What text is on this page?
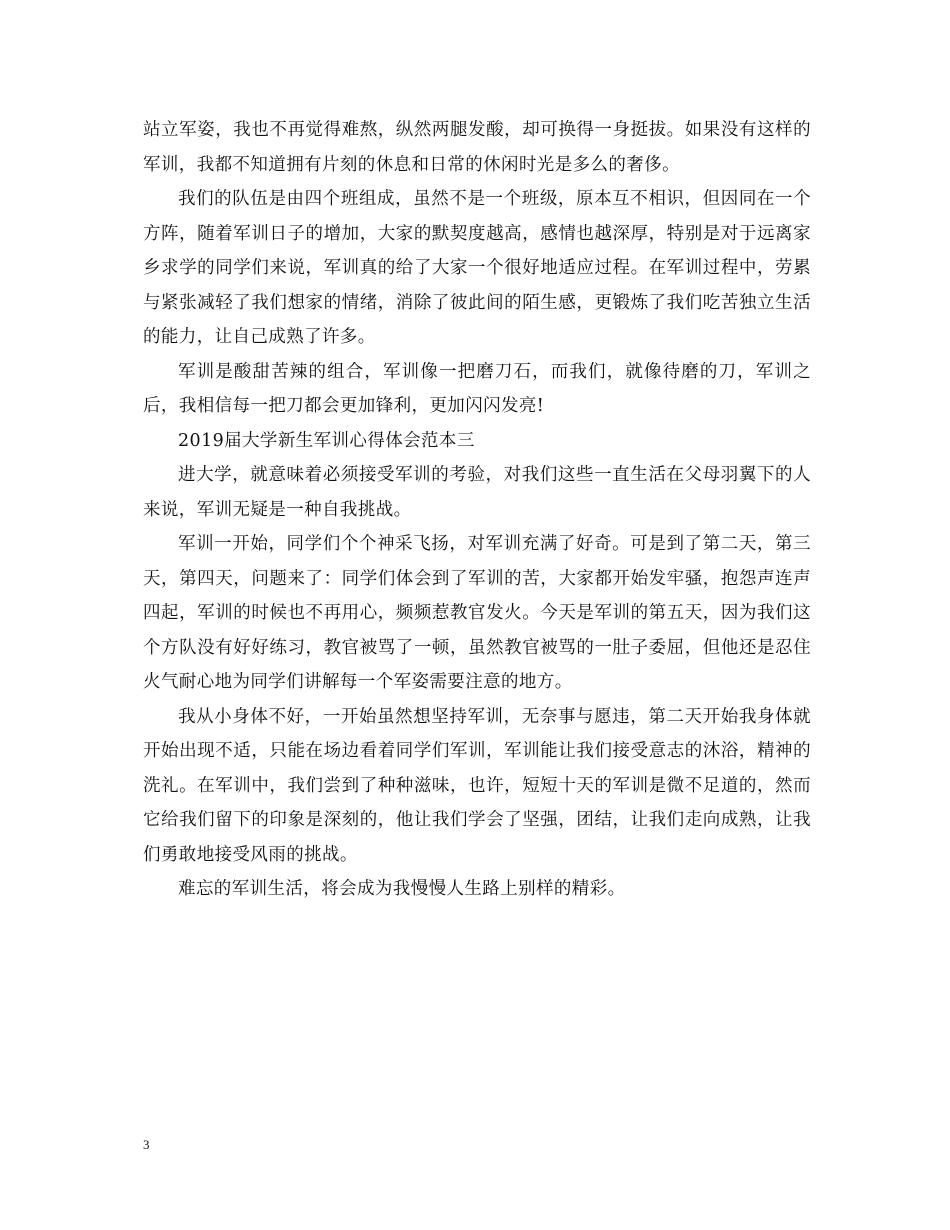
站立军姿，我也不再觉得难熬，纵然两腿发酸，却可换得一身挺拔。如果没有这样的军训，我都不知道拥有片刻的休息和日常的休闲时光是多么的奢侈。

我们的队伍是由四个班组成，虽然不是一个班级，原本互不相识，但因同在一个方阵，随着军训日子的增加，大家的默契度越高，感情也越深厚，特别是对于远离家乡求学的同学们来说，军训真的给了大家一个很好地适应过程。在军训过程中，劳累与紧张减轻了我们想家的情绪，消除了彼此间的陌生感，更锻炼了我们吃苦独立生活的能力，让自己成熟了许多。

军训是酸甜苦辣的组合，军训像一把磨刀石，而我们，就像待磨的刀，军训之后，我相信每一把刀都会更加锋利，更加闪闪发亮!

2019届大学新生军训心得体会范本三

进大学，就意味着必须接受军训的考验，对我们这些一直生活在父母羽翼下的人来说，军训无疑是一种自我挑战。

军训一开始，同学们个个神采飞扬，对军训充满了好奇。可是到了第二天，第三天，第四天，问题来了：同学们体会到了军训的苦，大家都开始发牢骚，抱怨声连声四起，军训的时候也不再用心，频频惹教官发火。今天是军训的第五天，因为我们这个方队没有好好练习，教官被骂了一顿，虽然教官被骂的一肚子委屈，但他还是忍住火气耐心地为同学们讲解每一个军姿需要注意的地方。

我从小身体不好，一开始虽然想坚持军训，无奈事与愿违，第二天开始我身体就开始出现不适，只能在场边看着同学们军训，军训能让我们接受意志的沐浴，精神的洗礼。在军训中，我们尝到了种种滋味，也许，短短十天的军训是微不足道的，然而它给我们留下的印象是深刻的，他让我们学会了坚强，团结，让我们走向成熟，让我们勇敢地接受风雨的挑战。

难忘的军训生活，将会成为我慢慢人生路上别样的精彩。

3
